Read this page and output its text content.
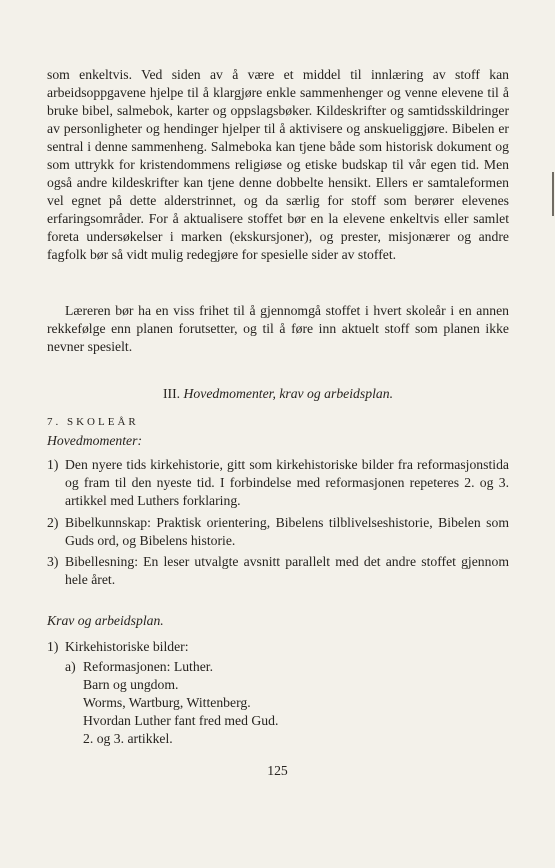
som enkeltvis. Ved siden av å være et middel til innlæring av stoff kan arbeidsoppgavene hjelpe til å klargjøre enkle sammenhenger og venne elevene til å bruke bibel, salmebok, karter og oppslagsbøker. Kildeskrifter og samtidsskildringer av personligheter og hendinger hjelper til å aktivisere og anskueliggjøre. Bibelen er sentral i denne sammenheng. Salmeboka kan tjene både som historisk dokument og som uttrykk for kristendommens religiøse og etiske budskap til vår egen tid. Men også andre kildeskrifter kan tjene denne dobbelte hensikt. Ellers er samtaleformen vel egnet på dette alderstrinnet, og da særlig for stoff som berører elevenes erfaringsområder. For å aktualisere stoffet bør en la elevene enkeltvis eller samlet foreta undersøkelser i marken (ekskursjoner), og prester, misjonærer og andre fagfolk bør så vidt mulig redegjøre for spesielle sider av stoffet.

Læreren bør ha en viss frihet til å gjennomgå stoffet i hvert skoleår i en annen rekkefølge enn planen forutsetter, og til å føre inn aktuelt stoff som planen ikke nevner spesielt.

III. Hovedmomenter, krav og arbeidsplan.

7. SKOLEÅR

Hovedmomenter:

1) Den nyere tids kirkehistorie, gitt som kirkehistoriske bilder fra reformasjonstida og fram til den nyeste tid. I forbindelse med reformasjonen repeteres 2. og 3. artikkel med Luthers forklaring.
2) Bibelkunnskap: Praktisk orientering, Bibelens tilblivelseshistorie, Bibelen som Guds ord, og Bibelens historie.
3) Bibellesning: En leser utvalgte avsnitt parallelt med det andre stoffet gjennom hele året.

Krav og arbeidsplan.

1) Kirkehistoriske bilder:
a) Reformasjonen: Luther.
Barn og ungdom.
Worms, Wartburg, Wittenberg.
Hvordan Luther fant fred med Gud.
2. og 3. artikkel.

125
